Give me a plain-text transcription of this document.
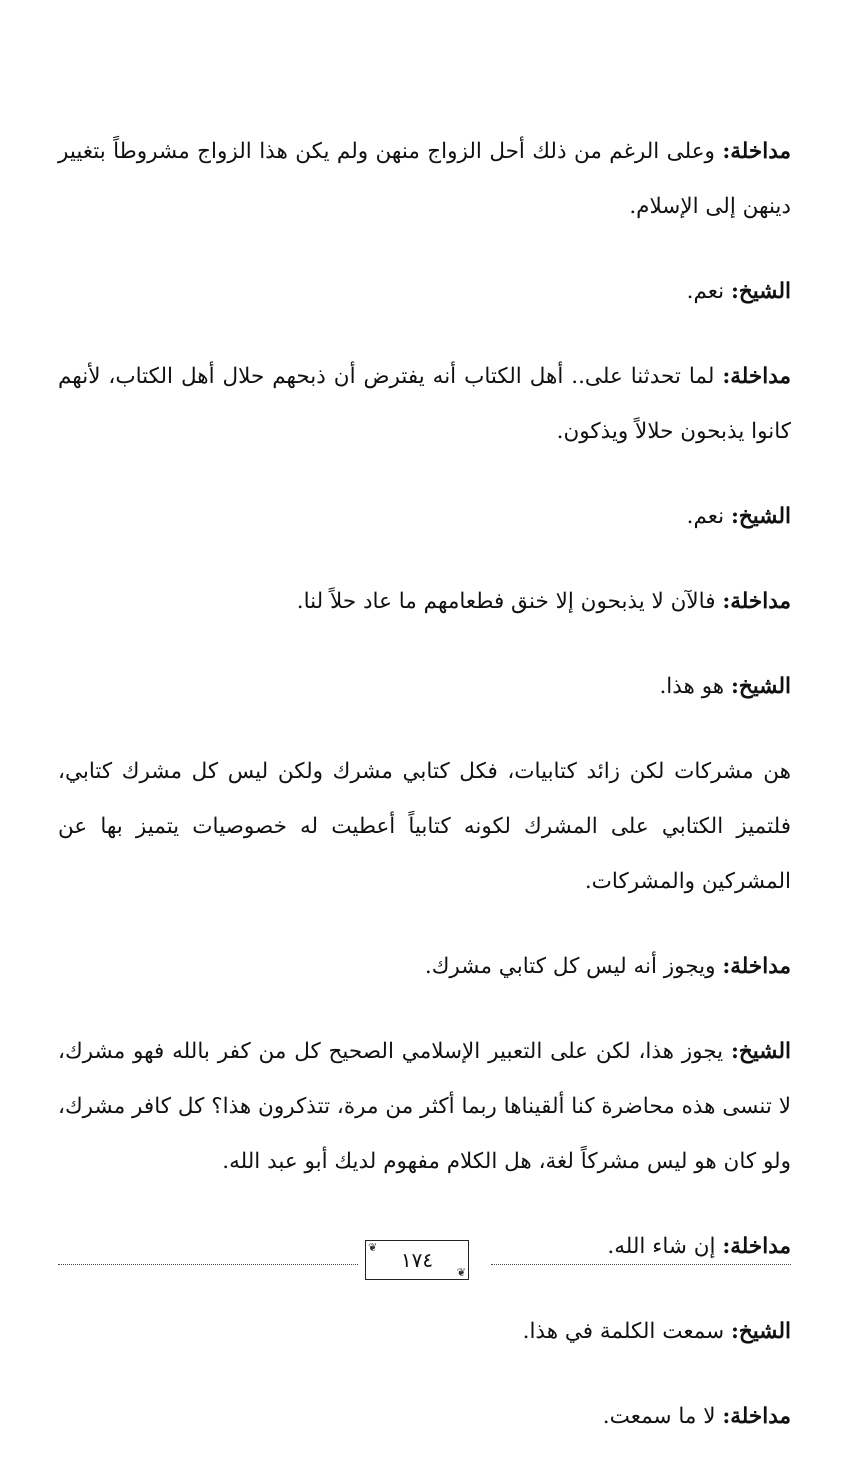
مداخلة: وعلى الرغم من ذلك أحل الزواج منهن ولم يكن هذا الزواج مشروطاً بتغيير دينهن إلى الإسلام.

الشيخ: نعم.

مداخلة: لما تحدثنا على.. أهل الكتاب أنه يفترض أن ذبحهم حلال أهل الكتاب، لأنهم كانوا يذبحون حلالاً ويذكون.

الشيخ: نعم.

مداخلة: فالآن لا يذبحون إلا خنق فطعامهم ما عاد حلاً لنا.

الشيخ: هو هذا.

هن مشركات لكن زائد كتابيات، فكل كتابي مشرك ولكن ليس كل مشرك كتابي، فلتميز الكتابي على المشرك لكونه كتابياً أعطيت له خصوصيات يتميز بها عن المشركين والمشركات.

مداخلة: ويجوز أنه ليس كل كتابي مشرك.

الشيخ: يجوز هذا، لكن على التعبير الإسلامي الصحيح كل من كفر بالله فهو مشرك، لا تنسى هذه محاضرة كنا ألقيناها ربما أكثر من مرة، تتذكرون هذا؟ كل كافر مشرك، ولو كان هو ليس مشركاً لغة، هل الكلام مفهوم لديك أبو عبد الله.

مداخلة: إن شاء الله.

الشيخ: سمعت الكلمة في هذا.

مداخلة: لا ما سمعت.

❦
❦
١٧٤
